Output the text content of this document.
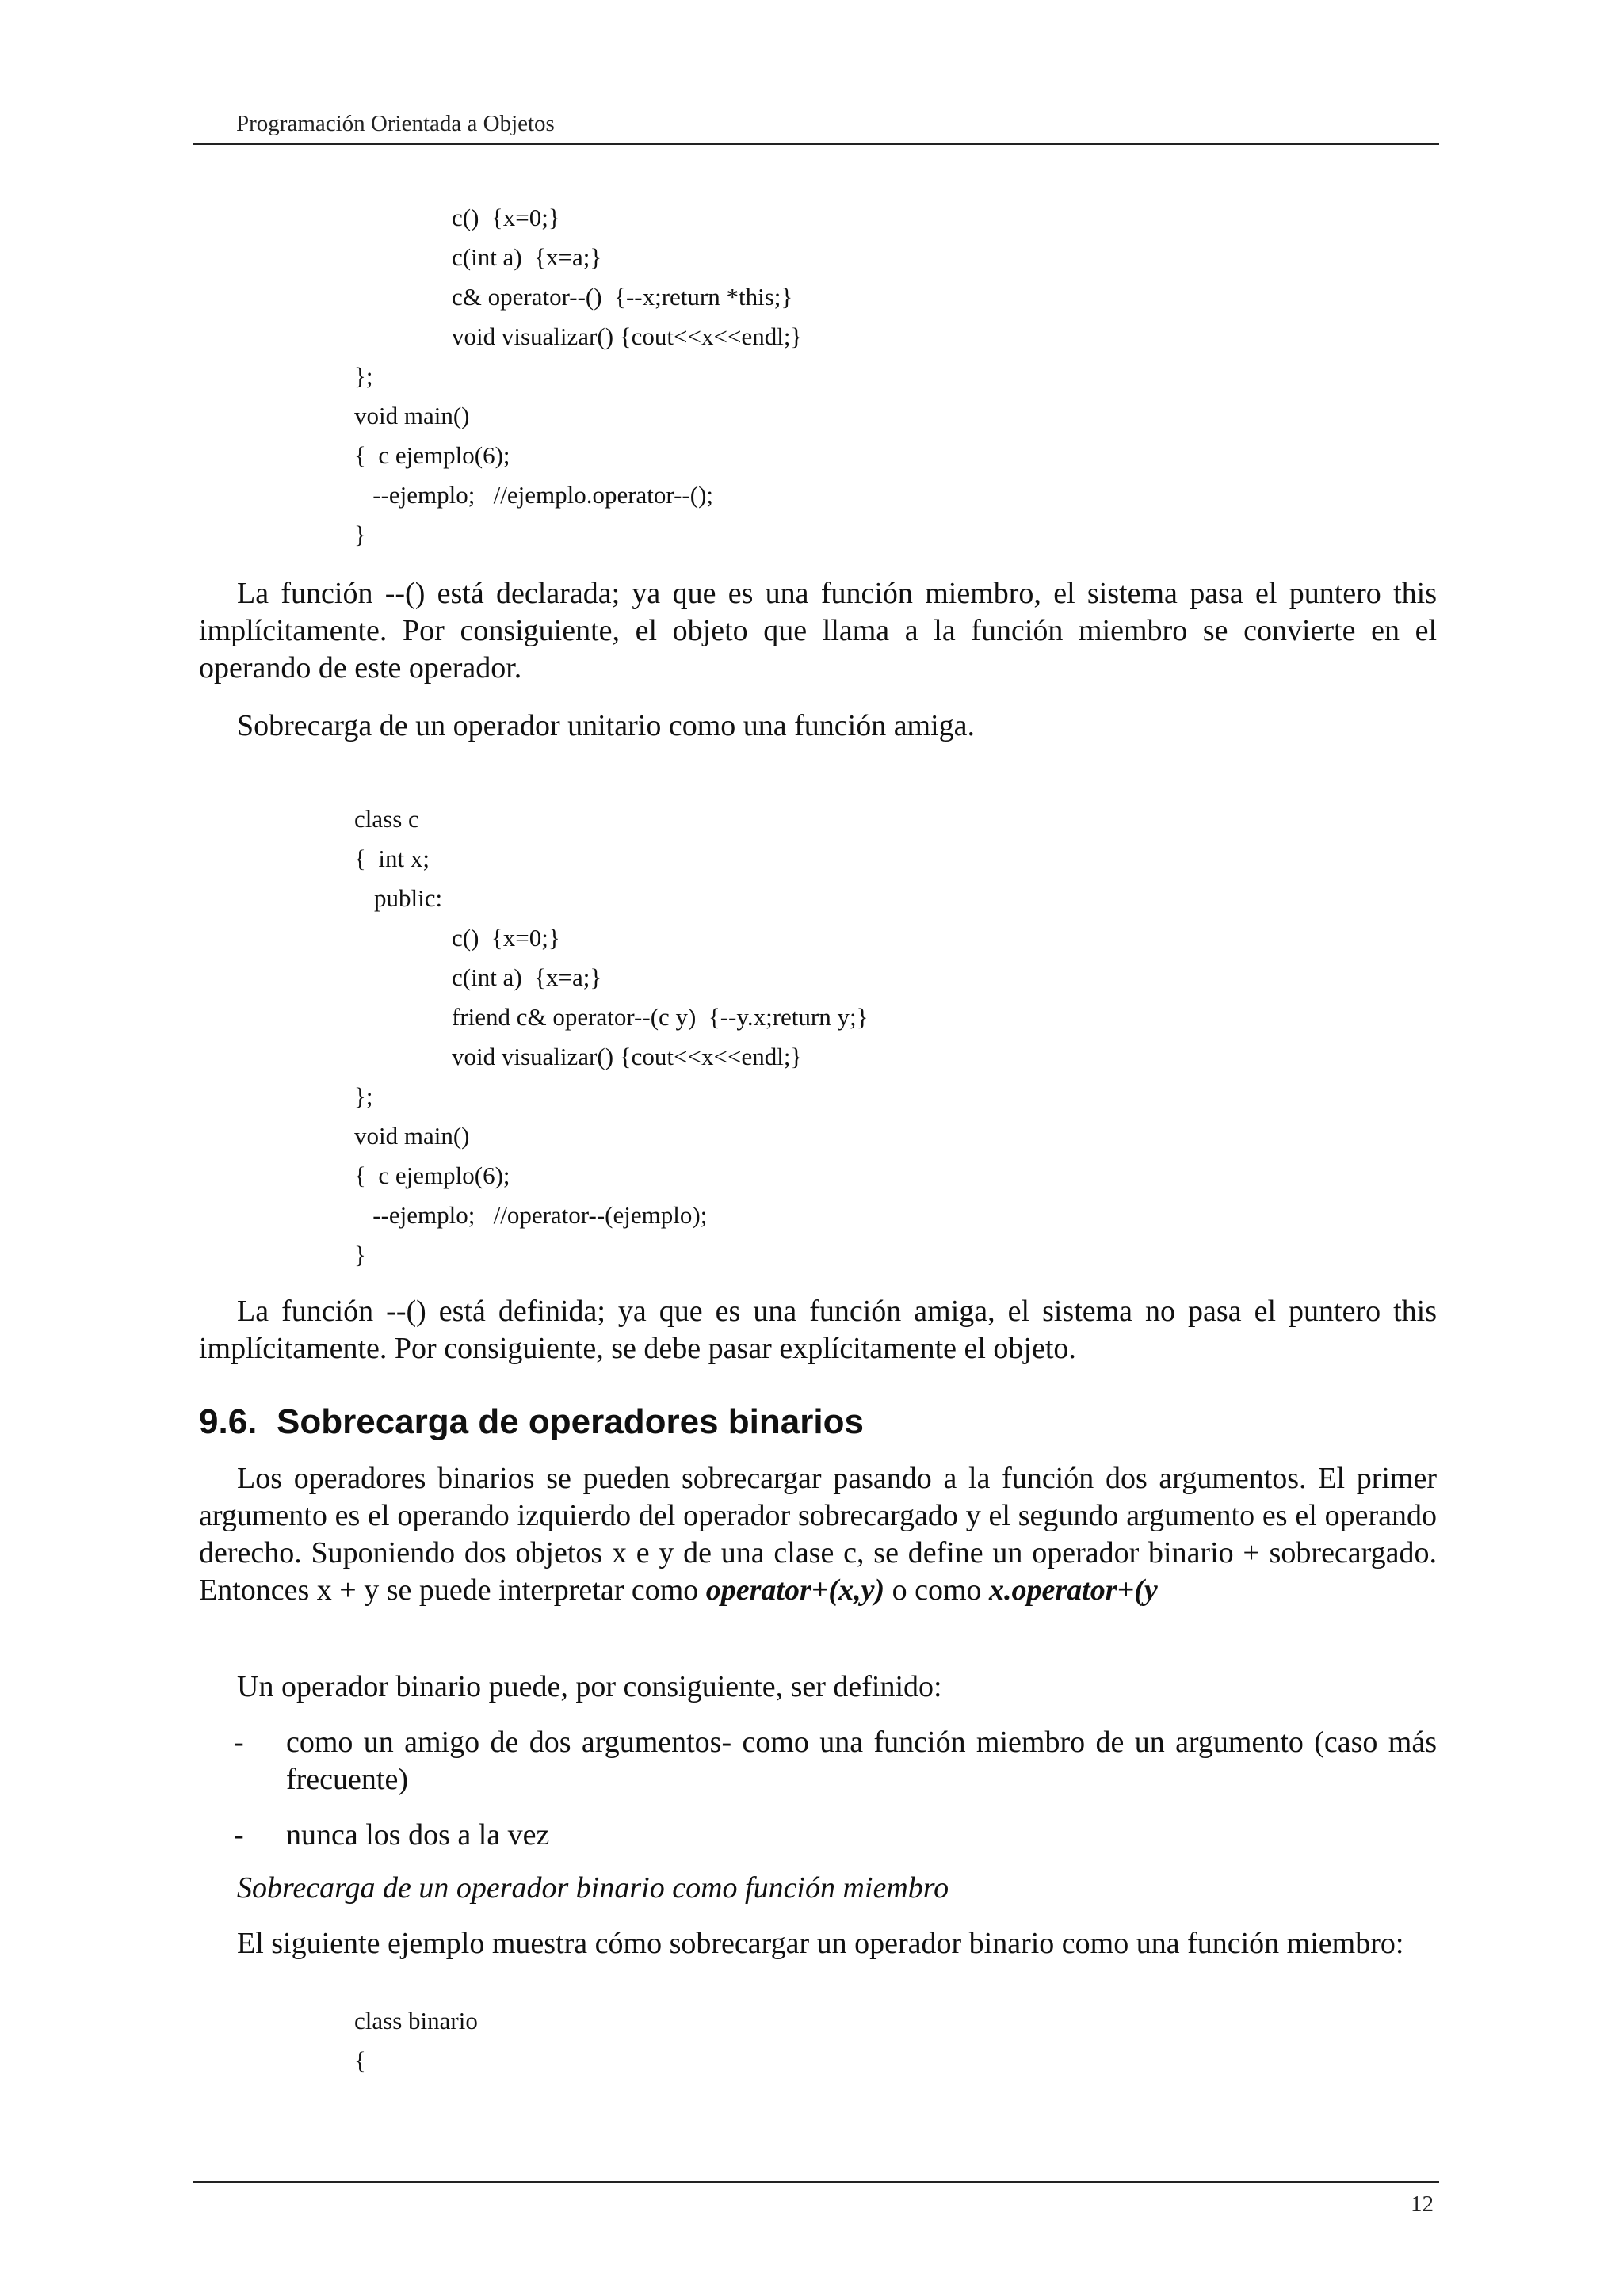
Programación Orientada a Objetos
c()  {x=0;}
c(int a)  {x=a;}
c& operator--()  {--x;return *this;}
void visualizar() {cout<<x<<endl;}
};
void main()
{  c ejemplo(6);
--ejemplo;   //ejemplo.operator--();
}

La función --() está declarada; ya que es una función miembro, el sistema pasa el puntero this implícitamente. Por consiguiente, el objeto que llama a la función miembro se convierte en el operando de este operador.

Sobrecarga de un operador unitario como una función amiga.

class c
{  int x;
public:
c()  {x=0;}
c(int a)  {x=a;}
friend c& operator--(c y)  {--y.x;return y;}
void visualizar() {cout<<x<<endl;}
};
void main()
{  c ejemplo(6);
--ejemplo;   //operator--(ejemplo);
}

La función --() está definida; ya que es una función amiga, el sistema no pasa el puntero this implícitamente. Por consiguiente, se debe pasar explícitamente el objeto.

9.6. Sobrecarga de operadores binarios

Los operadores binarios se pueden sobrecargar pasando a la función dos argumentos. El primer argumento es el operando izquierdo del operador sobrecargado y el segundo argumento es el operando derecho. Suponiendo dos objetos x e y de una clase c, se define un operador binario + sobrecargado. Entonces x + y se puede interpretar como operator+(x,y) o como x.operator+(y

Un operador binario puede, por consiguiente, ser definido:

- como un amigo de dos argumentos- como una función miembro de un argumento (caso más frecuente)
- nunca los dos a la vez

Sobrecarga de un operador binario como función miembro

El siguiente ejemplo muestra cómo sobrecargar un operador binario como una función miembro:

class binario
{
12
